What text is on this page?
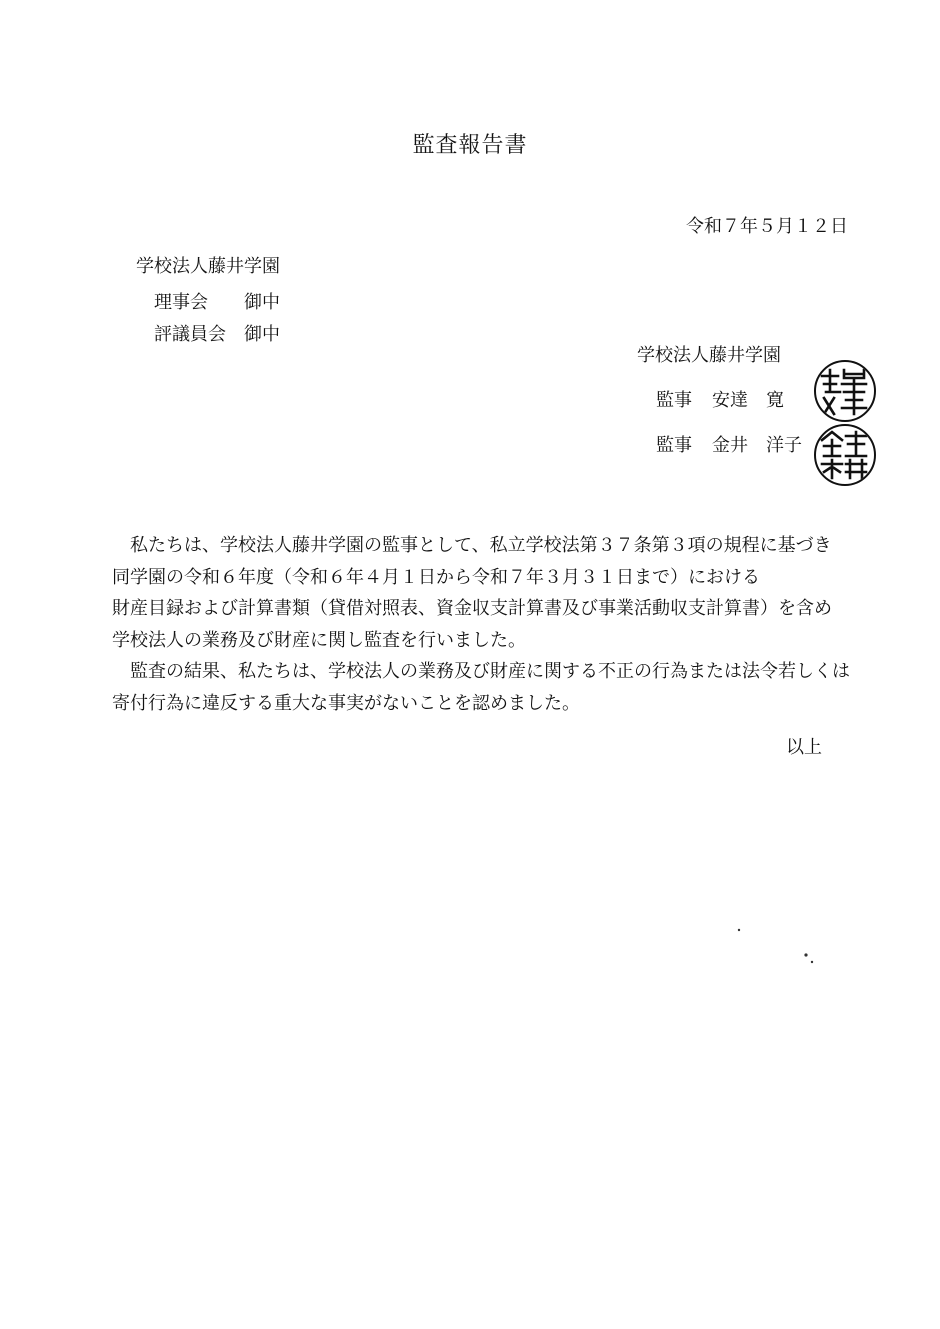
監査報告書
令和７年５月１２日
学校法人藤井学園
理事会　　御中
評議員会　御中
学校法人藤井学園
監事 安達　寛
監事 金井　洋子

　私たちは、学校法人藤井学園の監事として、私立学校法第３７条第３項の規程に基づき

同学園の令和６年度（令和６年４月１日から令和７年３月３１日まで）における

財産目録および計算書類（貸借対照表、資金収支計算書及び事業活動収支計算書）を含め

学校法人の業務及び財産に関し監査を行いました。

　監査の結果、私たちは、学校法人の業務及び財産に関する不正の行為または法令若しくは

寄付行為に違反する重大な事実がないことを認めました。

以上
